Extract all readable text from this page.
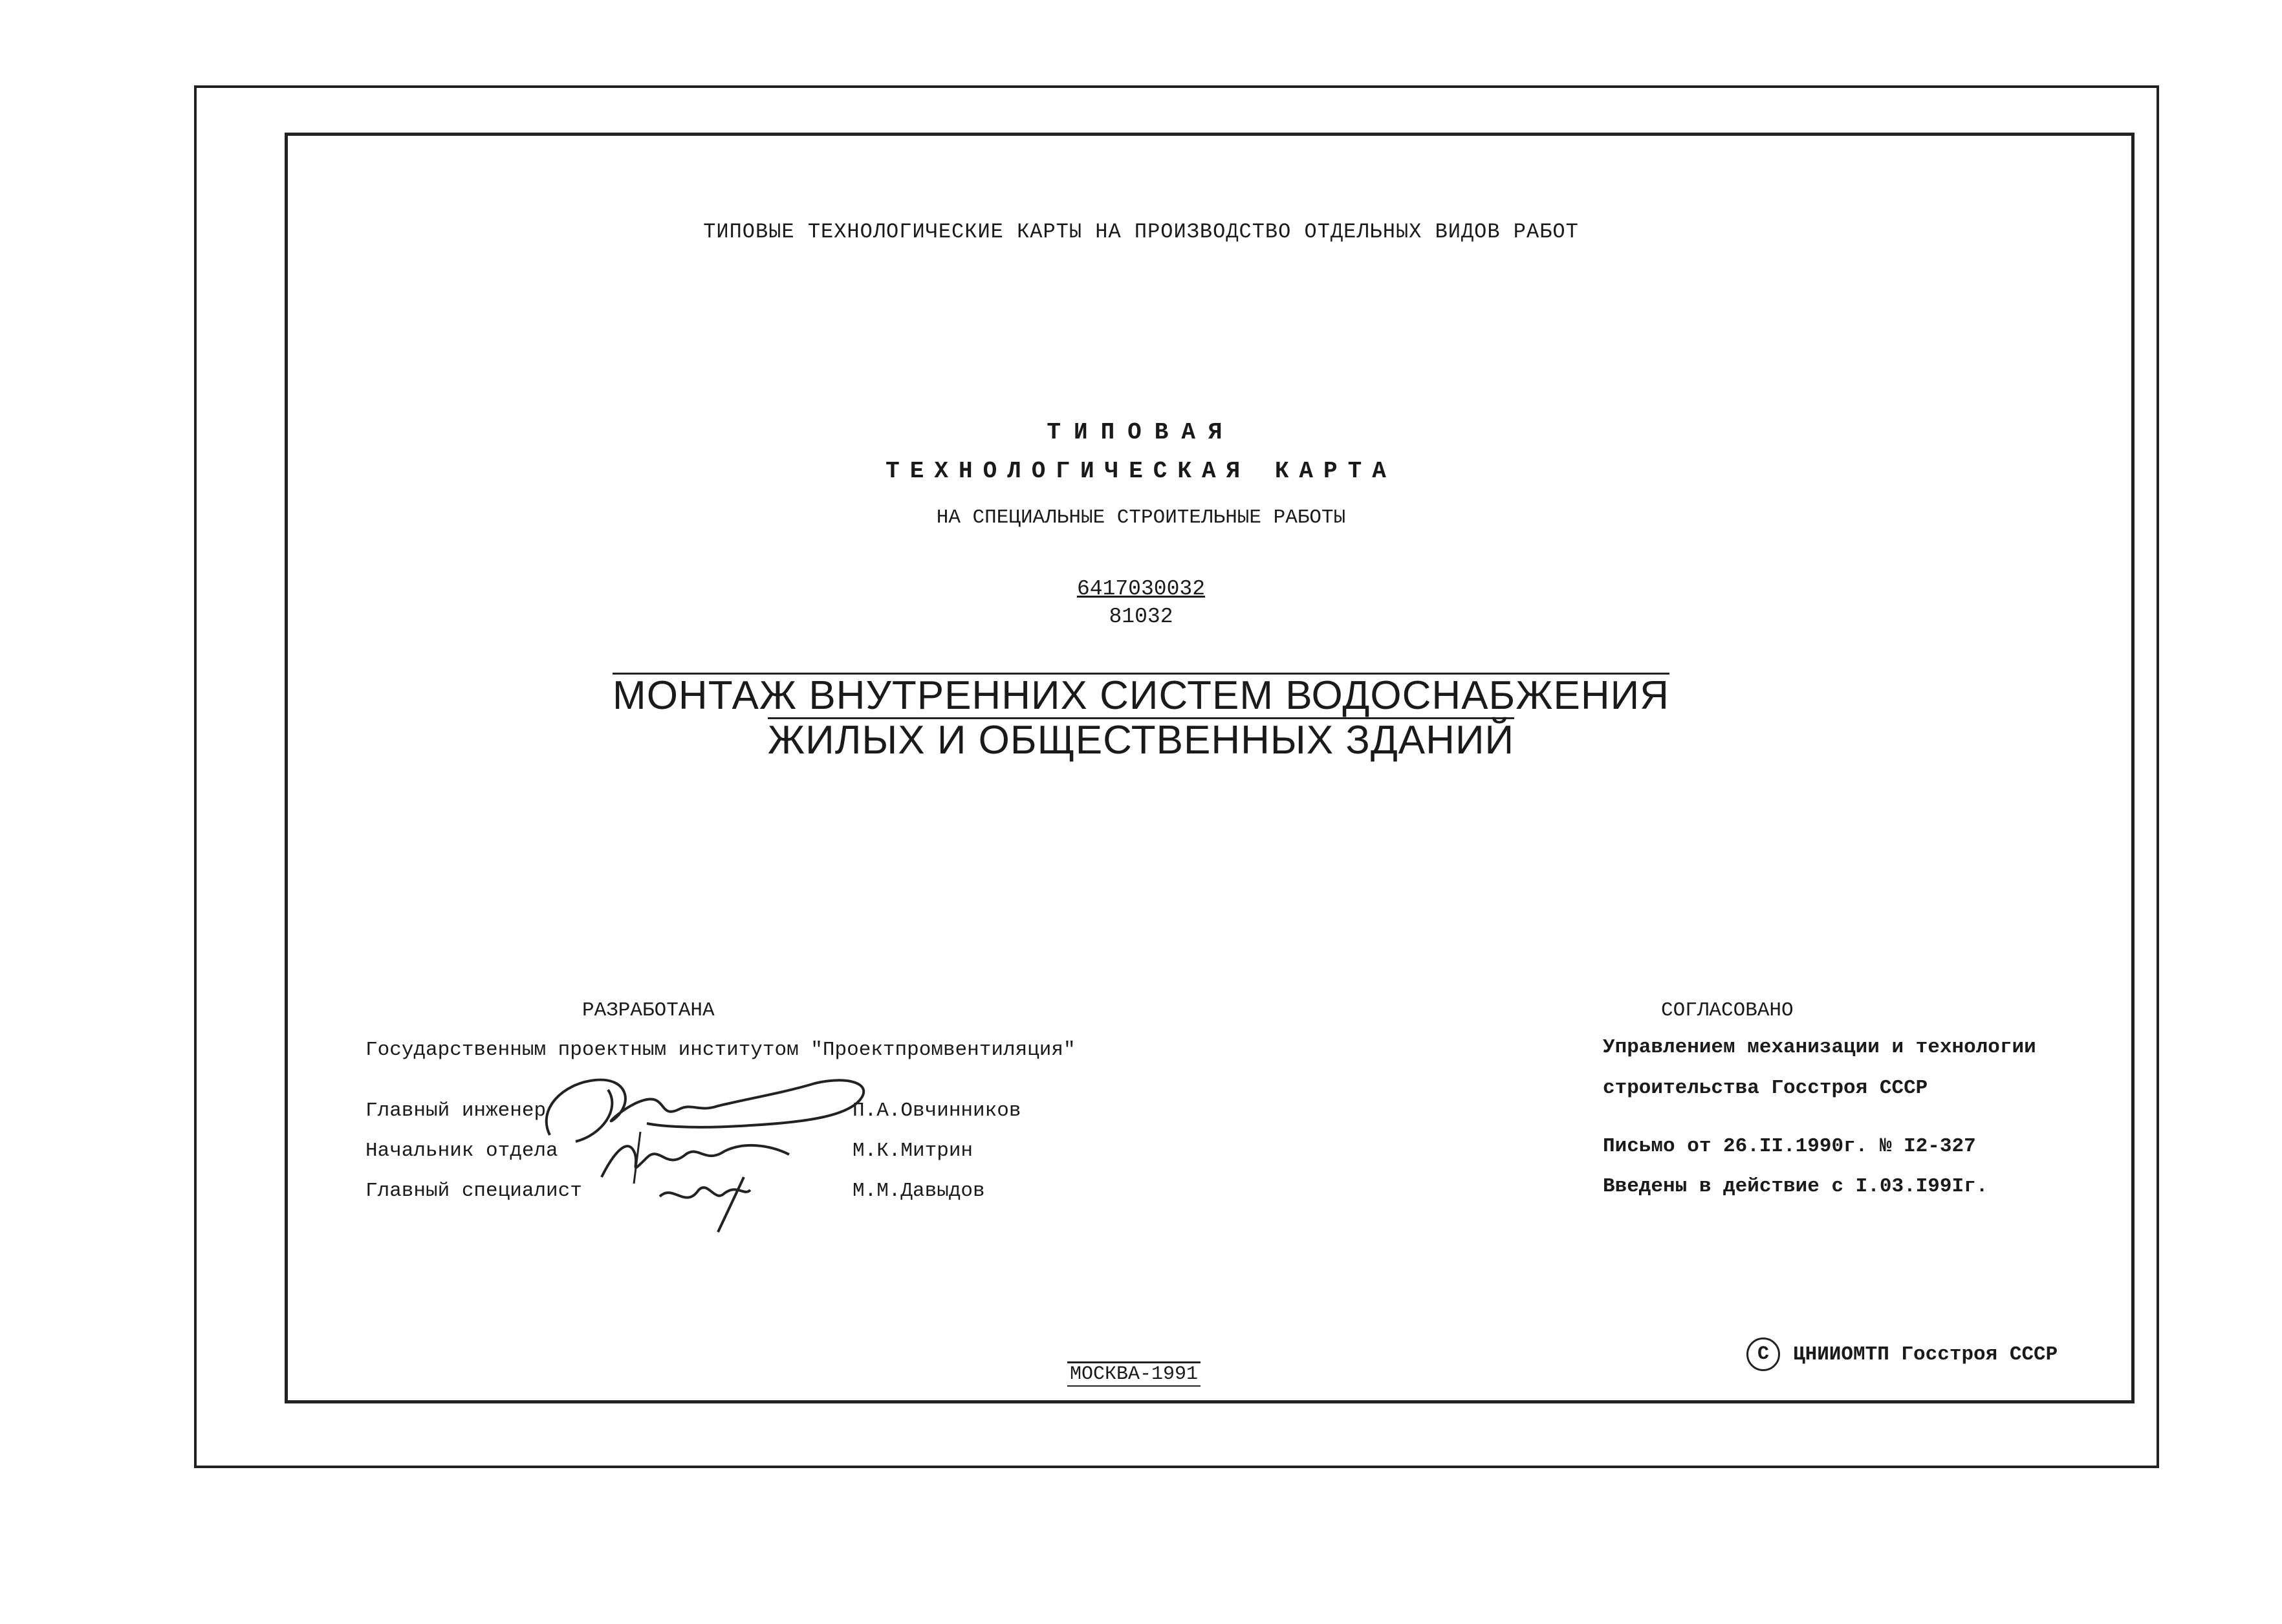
ТИПОВЫЕ ТЕХНОЛОГИЧЕСКИЕ КАРТЫ НА ПРОИЗВОДСТВО ОТДЕЛЬНЫХ ВИДОВ РАБОТ
ТИПОВАЯ
ТЕХНОЛОГИЧЕСКАЯ КАРТА
НА СПЕЦИАЛЬНЫЕ СТРОИТЕЛЬНЫЕ РАБОТЫ
6417030032
81032
МОНТАЖ ВНУТРЕННИХ СИСТЕМ ВОДОСНАБЖЕНИЯ
ЖИЛЫХ И ОБЩЕСТВЕННЫХ ЗДАНИЙ
РАЗРАБОТАНА
Государственным проектным институтом "Проектпромвентиляция"
Главный инженер	П.А.Овчинников
Начальник отдела	М.К.Митрин
Главный специалист	М.М.Давыдов
СОГЛАСОВАНО
Управлением механизации и технологии
строительства Госстроя СССР
Письмо от 26.II.1990г. № I2-327
Введены в действие с I.03.I99Iг.
МОСКВА-1991
C	ЦНИИОМТП Госстроя СССР
